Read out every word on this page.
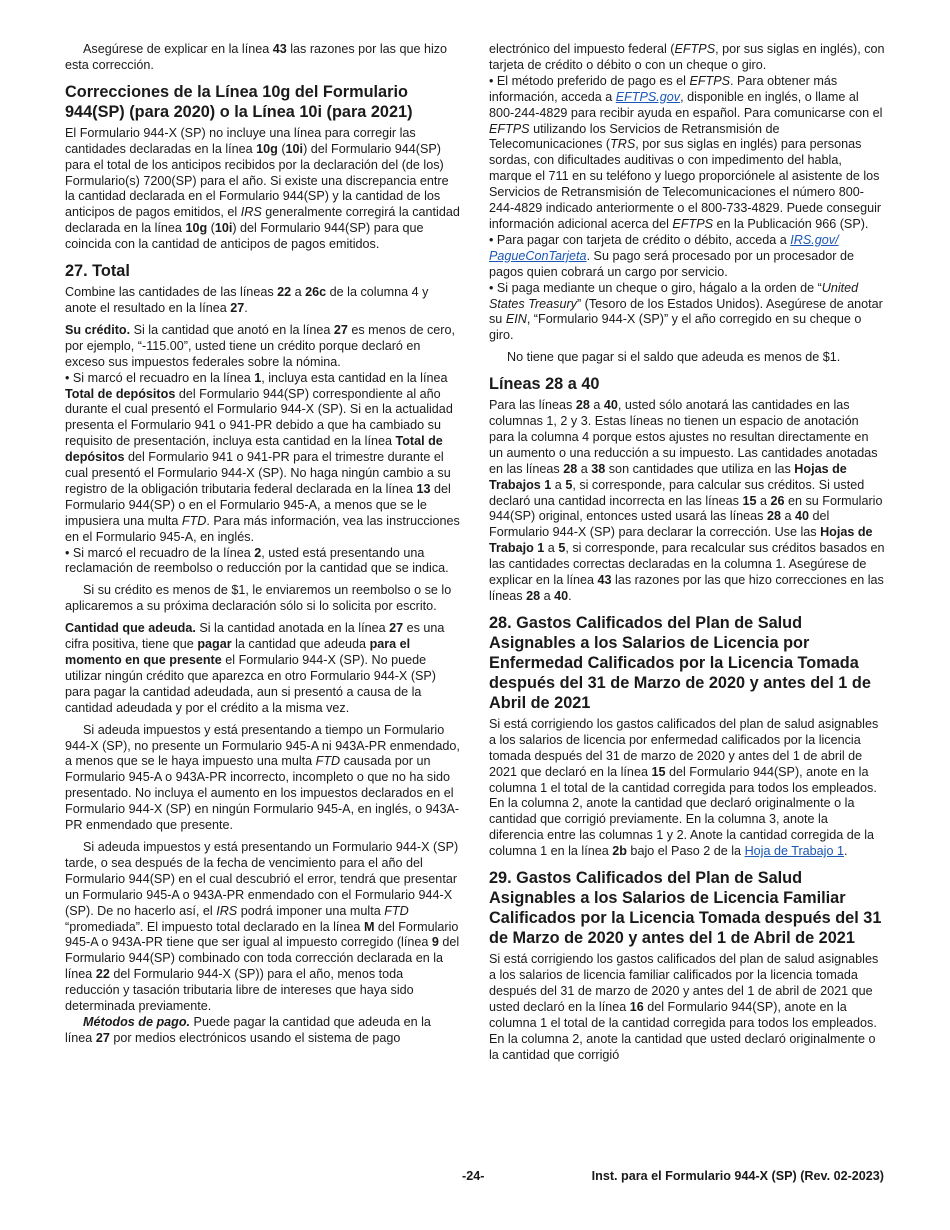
Asegúrese de explicar en la línea 43 las razones por las que hizo esta corrección.

Correcciones de la Línea 10g del Formulario 944(SP) (para 2020) o la Línea 10i (para 2021)

El Formulario 944-X (SP) no incluye una línea para corregir las cantidades declaradas en la línea 10g (10i) del Formulario 944(SP) para el total de los anticipos recibidos por la declaración del (de los) Formulario(s) 7200(SP) para el año. Si existe una discrepancia entre la cantidad declarada en el Formulario 944(SP) y la cantidad de los anticipos de pagos emitidos, el IRS generalmente corregirá la cantidad declarada en la línea 10g (10i) del Formulario 944(SP) para que coincida con la cantidad de anticipos de pagos emitidos.

27. Total

Combine las cantidades de las líneas 22 a 26c de la columna 4 y anote el resultado en la línea 27.

Su crédito. Si la cantidad que anotó en la línea 27 es menos de cero, por ejemplo, “-115.00”, usted tiene un crédito porque declaró en exceso sus impuestos federales sobre la nómina.

• Si marcó el recuadro en la línea 1, incluya esta cantidad en la línea Total de depósitos del Formulario 944(SP) correspondiente al año durante el cual presentó el Formulario 944-X (SP). Si en la actualidad presenta el Formulario 941 o 941-PR debido a que ha cambiado su requisito de presentación, incluya esta cantidad en la línea Total de depósitos del Formulario 941 o 941-PR para el trimestre durante el cual presentó el Formulario 944-X (SP). No haga ningún cambio a su registro de la obligación tributaria federal declarada en la línea 13 del Formulario 944(SP) o en el Formulario 945-A, a menos que se le impusiera una multa FTD. Para más información, vea las instrucciones en el Formulario 945-A, en inglés.

• Si marcó el recuadro de la línea 2, usted está presentando una reclamación de reembolso o reducción por la cantidad que se indica.

Si su crédito es menos de $1, le enviaremos un reembolso o se lo aplicaremos a su próxima declaración sólo si lo solicita por escrito.

Cantidad que adeuda. Si la cantidad anotada en la línea 27 es una cifra positiva, tiene que pagar la cantidad que adeuda para el momento en que presente el Formulario 944-X (SP). No puede utilizar ningún crédito que aparezca en otro Formulario 944-X (SP) para pagar la cantidad adeudada, aun si presentó a causa de la cantidad adeudada y por el crédito a la misma vez.

Si adeuda impuestos y está presentando a tiempo un Formulario 944-X (SP), no presente un Formulario 945-A ni 943A-PR enmendado, a menos que se le haya impuesto una multa FTD causada por un Formulario 945-A o 943A-PR incorrecto, incompleto o que no ha sido presentado. No incluya el aumento en los impuestos declarados en el Formulario 944-X (SP) en ningún Formulario 945-A, en inglés, o 943A-PR enmendado que presente.

Si adeuda impuestos y está presentando un Formulario 944-X (SP) tarde, o sea después de la fecha de vencimiento para el año del Formulario 944(SP) en el cual descubrió el error, tendrá que presentar un Formulario 945-A o 943A-PR enmendado con el Formulario 944-X (SP). De no hacerlo así, el IRS podrá imponer una multa FTD “promediada”. El impuesto total declarado en la línea M del Formulario 945-A o 943A-PR tiene que ser igual al impuesto corregido (línea 9 del Formulario 944(SP) combinado con toda corrección declarada en la línea 22 del Formulario 944-X (SP)) para el año, menos toda reducción y tasación tributaria libre de intereses que haya sido determinada previamente.

Métodos de pago. Puede pagar la cantidad que adeuda en la línea 27 por medios electrónicos usando el sistema de pago

electrónico del impuesto federal (EFTPS, por sus siglas en inglés), con tarjeta de crédito o débito o con un cheque o giro.

• El método preferido de pago es el EFTPS. Para obtener más información, acceda a EFTPS.gov, disponible en inglés, o llame al 800-244-4829 para recibir ayuda en español. Para comunicarse con el EFTPS utilizando los Servicios de Retransmisión de Telecomunicaciones (TRS, por sus siglas en inglés) para personas sordas, con dificultades auditivas o con impedimento del habla, marque el 711 en su teléfono y luego proporciónele al asistente de los Servicios de Retransmisión de Telecomunicaciones el número 800-244-4829 indicado anteriormente o el 800-733-4829. Puede conseguir información adicional acerca del EFTPS en la Publicación 966 (SP).

• Para pagar con tarjeta de crédito o débito, acceda a IRS.gov/ PagueConTarjeta. Su pago será procesado por un procesador de pagos quien cobrará un cargo por servicio.

• Si paga mediante un cheque o giro, hágalo a la orden de “United States Treasury” (Tesoro de los Estados Unidos). Asegúrese de anotar su EIN, “Formulario 944-X (SP)” y el año corregido en su cheque o giro.

No tiene que pagar si el saldo que adeuda es menos de $1.

Líneas 28 a 40

Para las líneas 28 a 40, usted sólo anotará las cantidades en las columnas 1, 2 y 3. Estas líneas no tienen un espacio de anotación para la columna 4 porque estos ajustes no resultan directamente en un aumento o una reducción a su impuesto. Las cantidades anotadas en las líneas 28 a 38 son cantidades que utiliza en las Hojas de Trabajos 1 a 5, si corresponde, para calcular sus créditos. Si usted declaró una cantidad incorrecta en las líneas 15 a 26 en su Formulario 944(SP) original, entonces usted usará las líneas 28 a 40 del Formulario 944-X (SP) para declarar la corrección. Use las Hojas de Trabajo 1 a 5, si corresponde, para recalcular sus créditos basados en las cantidades correctas declaradas en la columna 1. Asegúrese de explicar en la línea 43 las razones por las que hizo correcciones en las líneas 28 a 40.

28. Gastos Calificados del Plan de Salud Asignables a los Salarios de Licencia por Enfermedad Calificados por la Licencia Tomada después del 31 de Marzo de 2020 y antes del 1 de Abril de 2021

Si está corrigiendo los gastos calificados del plan de salud asignables a los salarios de licencia por enfermedad calificados por la licencia tomada después del 31 de marzo de 2020 y antes del 1 de abril de 2021 que declaró en la línea 15 del Formulario 944(SP), anote en la columna 1 el total de la cantidad corregida para todos los empleados. En la columna 2, anote la cantidad que declaró originalmente o la cantidad que corrigió previamente. En la columna 3, anote la diferencia entre las columnas 1 y 2. Anote la cantidad corregida de la columna 1 en la línea 2b bajo el Paso 2 de la Hoja de Trabajo 1.

29. Gastos Calificados del Plan de Salud Asignables a los Salarios de Licencia Familiar Calificados por la Licencia Tomada después del 31 de Marzo de 2020 y antes del 1 de Abril de 2021

Si está corrigiendo los gastos calificados del plan de salud asignables a los salarios de licencia familiar calificados por la licencia tomada después del 31 de marzo de 2020 y antes del 1 de abril de 2021 que usted declaró en la línea 16 del Formulario 944(SP), anote en la columna 1 el total de la cantidad corregida para todos los empleados. En la columna 2, anote la cantidad que usted declaró originalmente o la cantidad que corrigió

-24-	Inst. para el Formulario 944-X (SP) (Rev. 02-2023)
